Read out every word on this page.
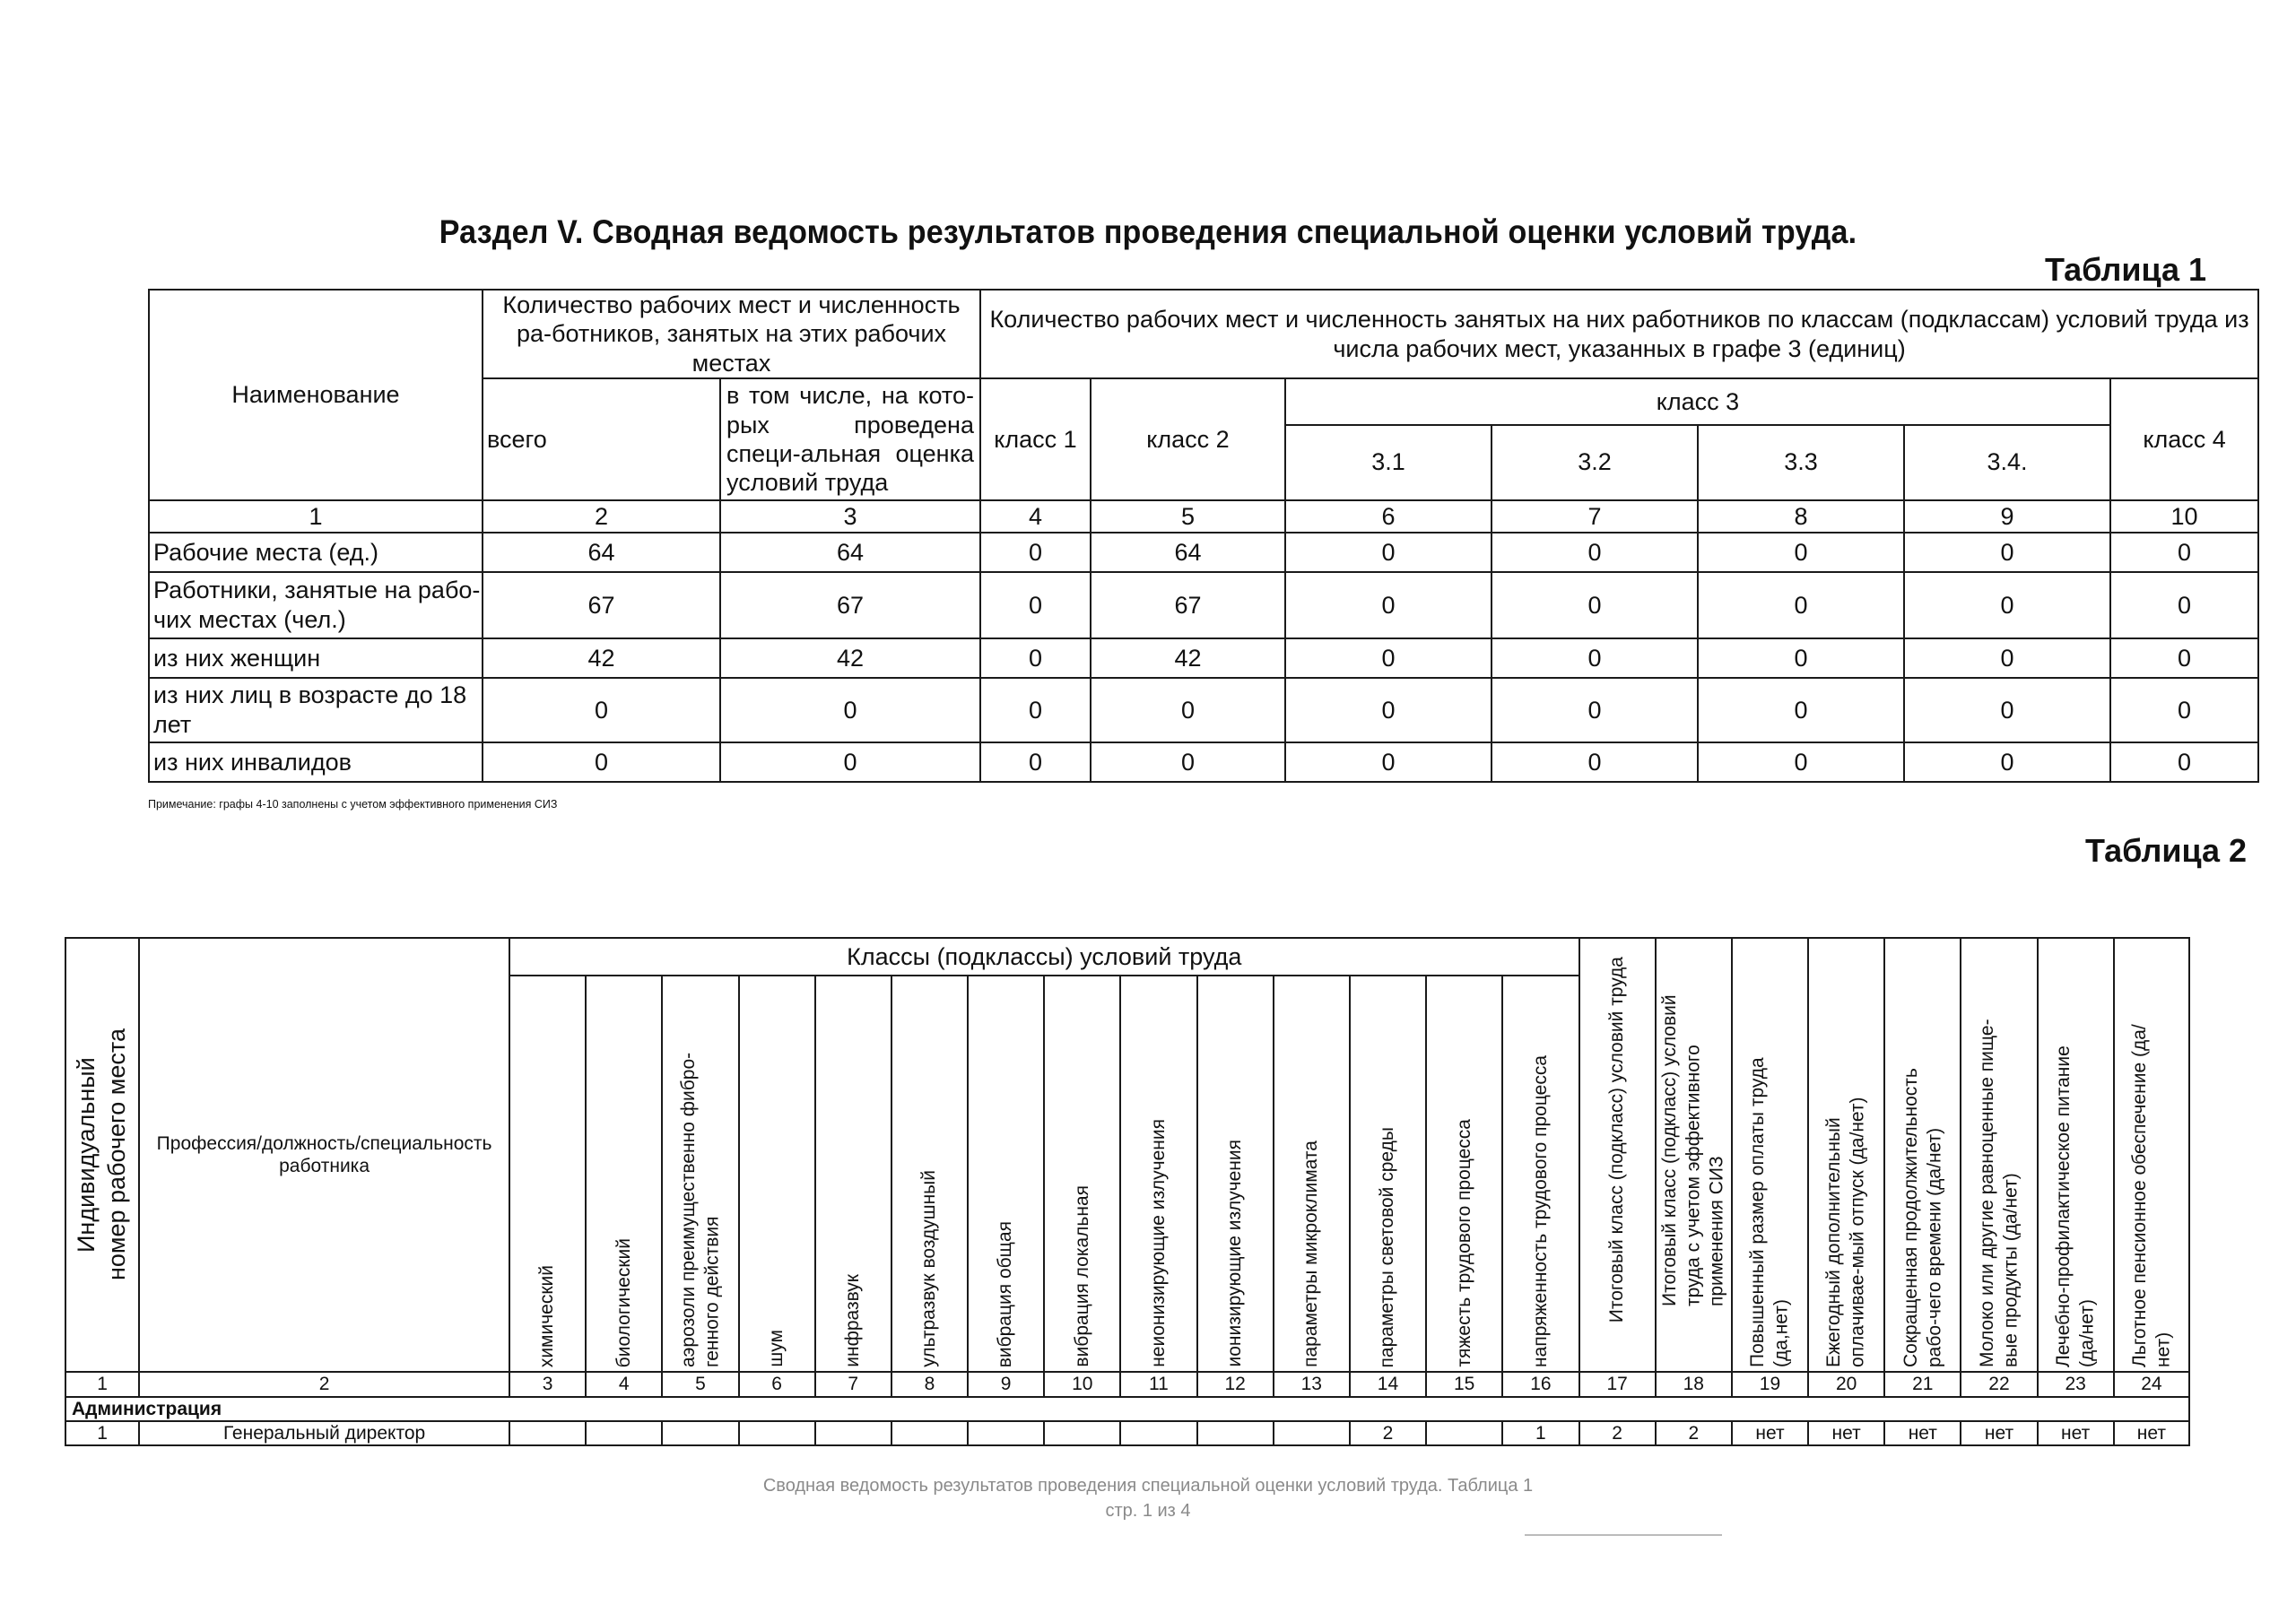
Раздел V. Сводная ведомость результатов проведения специальной оценки условий труда.
Таблица 1
Наименование	Количество рабочих мест и численность ра-ботников, занятых на этих рабочих местах		Количество рабочих мест и численность занятых на них работников по классам (подклассам) условий труда из числа рабочих мест, указанных в графе 3 (единиц)						
	всего	в том числе, на кото-рых проведена специ-альная оценка условий труда	класс 1	класс 2	класс 3				класс 4
					3.1	3.2	3.3	3.4.	
1	2	3	4	5	6	7	8	9	10
Рабочие места (ед.)	64	64	0	64	0	0	0	0	0
Работники, занятые на рабо-чих местах (чел.)	67	67	0	67	0	0	0	0	0
из них женщин	42	42	0	42	0	0	0	0	0
из них лиц в возрасте до 18 лет	0	0	0	0	0	0	0	0	0
из них инвалидов	0	0	0	0	0	0	0	0	0
Примечание: графы 4-10 заполнены с учетом эффективного применения СИЗ
Таблица 2
Индивидуальный номер рабочего места	Профессия/должность/специальность работника	Классы (подклассы) условий труда														Итоговый класс (подкласс) условий труда	Итоговый класс (подкласс) условий труда с учетом эффективного применения СИЗ	Повышенный размер оплаты труда (да,нет)	Ежегодный дополнительный оплачивае-мый отпуск (да/нет)	Сокращенная продолжительность рабо-чего времени (да/нет)	Молоко или другие равноценные пище-вые продукты (да/нет)	Лечебно-профилактическое питание (да/нет)	Льготное пенсионное обеспечение (да/нет)

		химический	биологический	аэрозоли преимущественно фибро-генного действия	шум	инфразвук	ультразвук воздушный	вибрация общая	вибрация локальная	неионизирующие излучения	ионизирующие излучения	параметры микроклимата	параметры световой среды	тяжесть трудового процесса	напряженность трудового процесса								

1	2	3	4	5	6	7	8	9	10	11	12	13	14	15	16	17	18	19	20	21	22	23	24
Администрация																							
1	Генеральный директор												2		1	2	2	нет	нет	нет	нет	нет	нет
Сводная ведомость результатов проведения специальной оценки условий труда. Таблица 1
стр. 1 из 4
